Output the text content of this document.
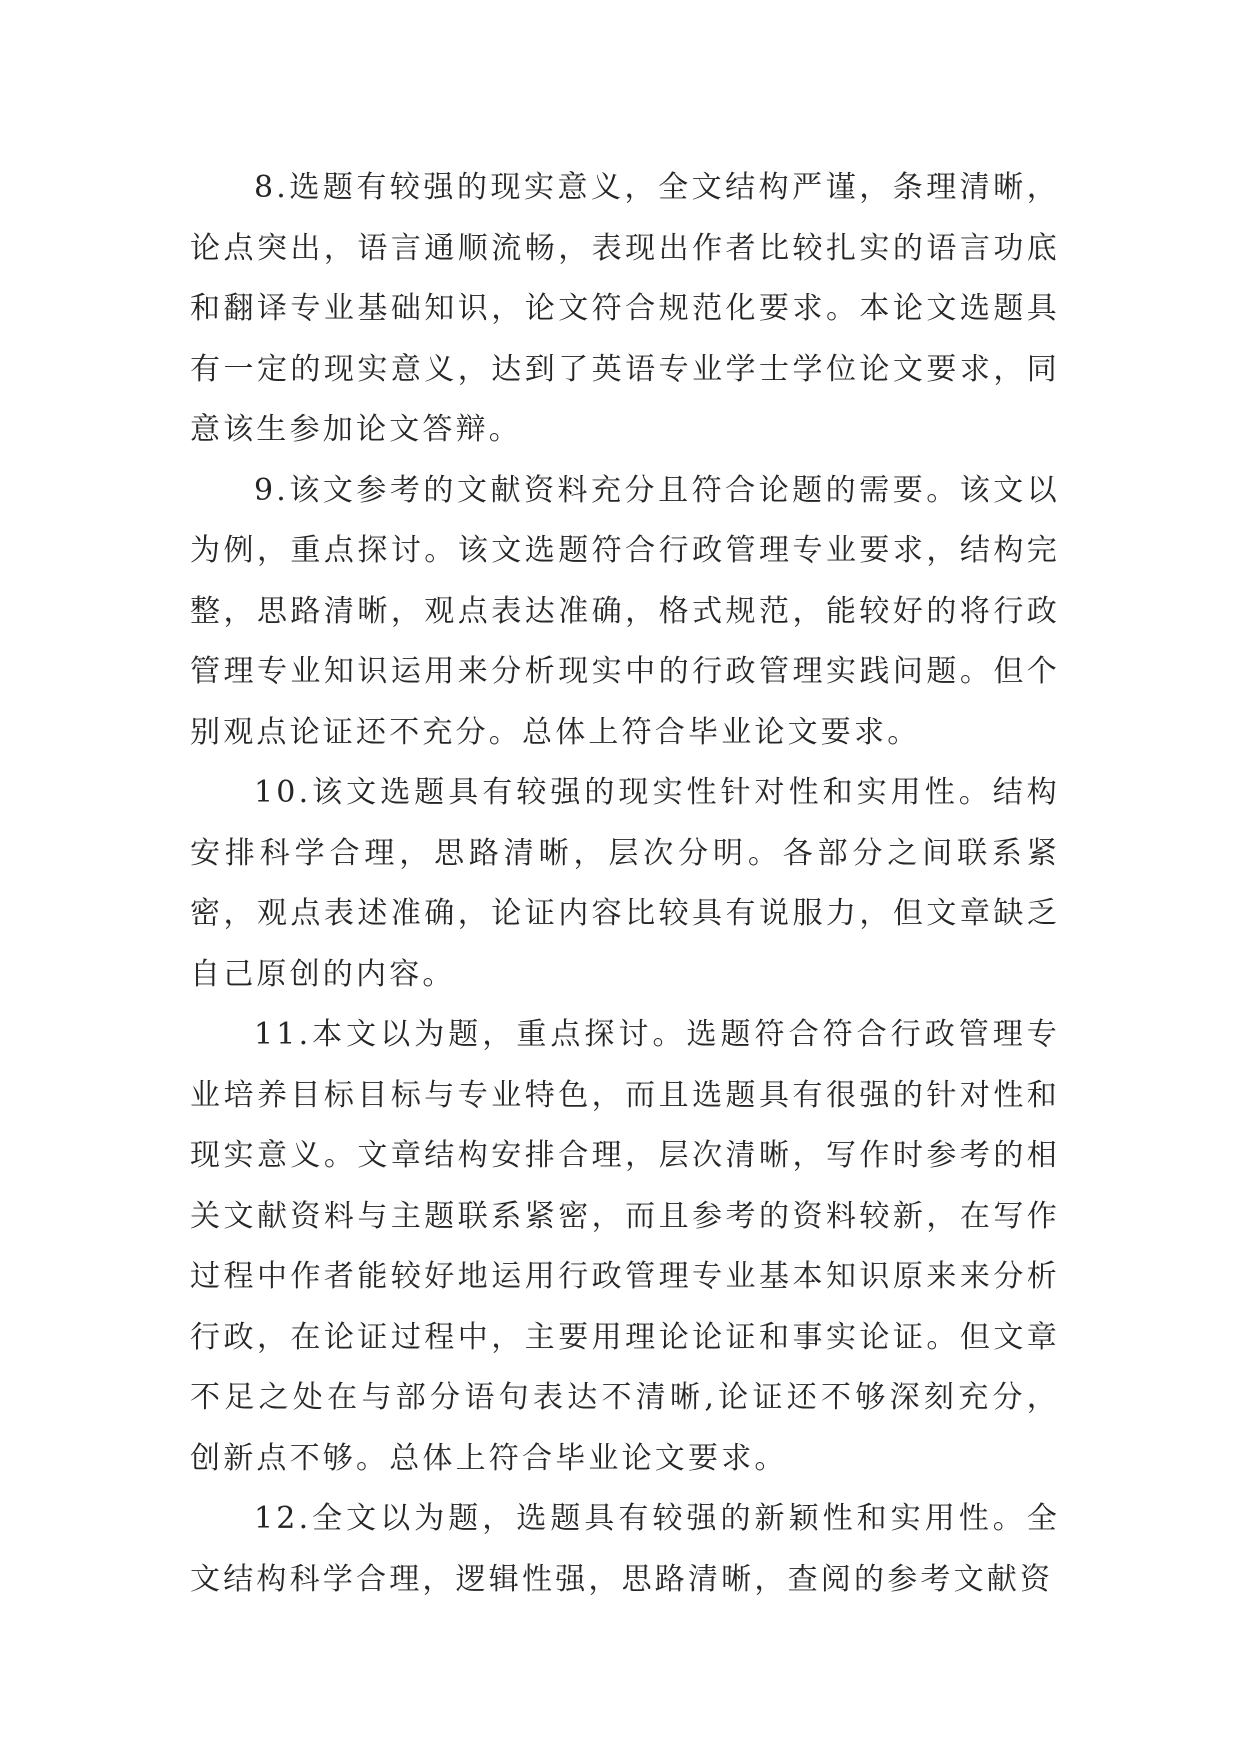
8.选题有较强的现实意义，全文结构严谨，条理清晰，论点突出，语言通顺流畅，表现出作者比较扎实的语言功底和翻译专业基础知识，论文符合规范化要求。本论文选题具有一定的现实意义，达到了英语专业学士学位论文要求，同意该生参加论文答辩。

9.该文参考的文献资料充分且符合论题的需要。该文以为例，重点探讨。该文选题符合行政管理专业要求，结构完整，思路清晰，观点表达准确，格式规范，能较好的将行政管理专业知识运用来分析现实中的行政管理实践问题。但个别观点论证还不充分。总体上符合毕业论文要求。

10.该文选题具有较强的现实性针对性和实用性。结构安排科学合理，思路清晰，层次分明。各部分之间联系紧密，观点表述准确，论证内容比较具有说服力，但文章缺乏自己原创的内容。

11.本文以为题，重点探讨。选题符合符合行政管理专业培养目标目标与专业特色，而且选题具有很强的针对性和现实意义。文章结构安排合理，层次清晰，写作时参考的相关文献资料与主题联系紧密，而且参考的资料较新，在写作过程中作者能较好地运用行政管理专业基本知识原来来分析行政，在论证过程中，主要用理论论证和事实论证。但文章不足之处在与部分语句表达不清晰,论证还不够深刻充分，创新点不够。总体上符合毕业论文要求。

12.全文以为题，选题具有较强的新颖性和实用性。全文结构科学合理，逻辑性强，思路清晰，查阅的参考文献资
